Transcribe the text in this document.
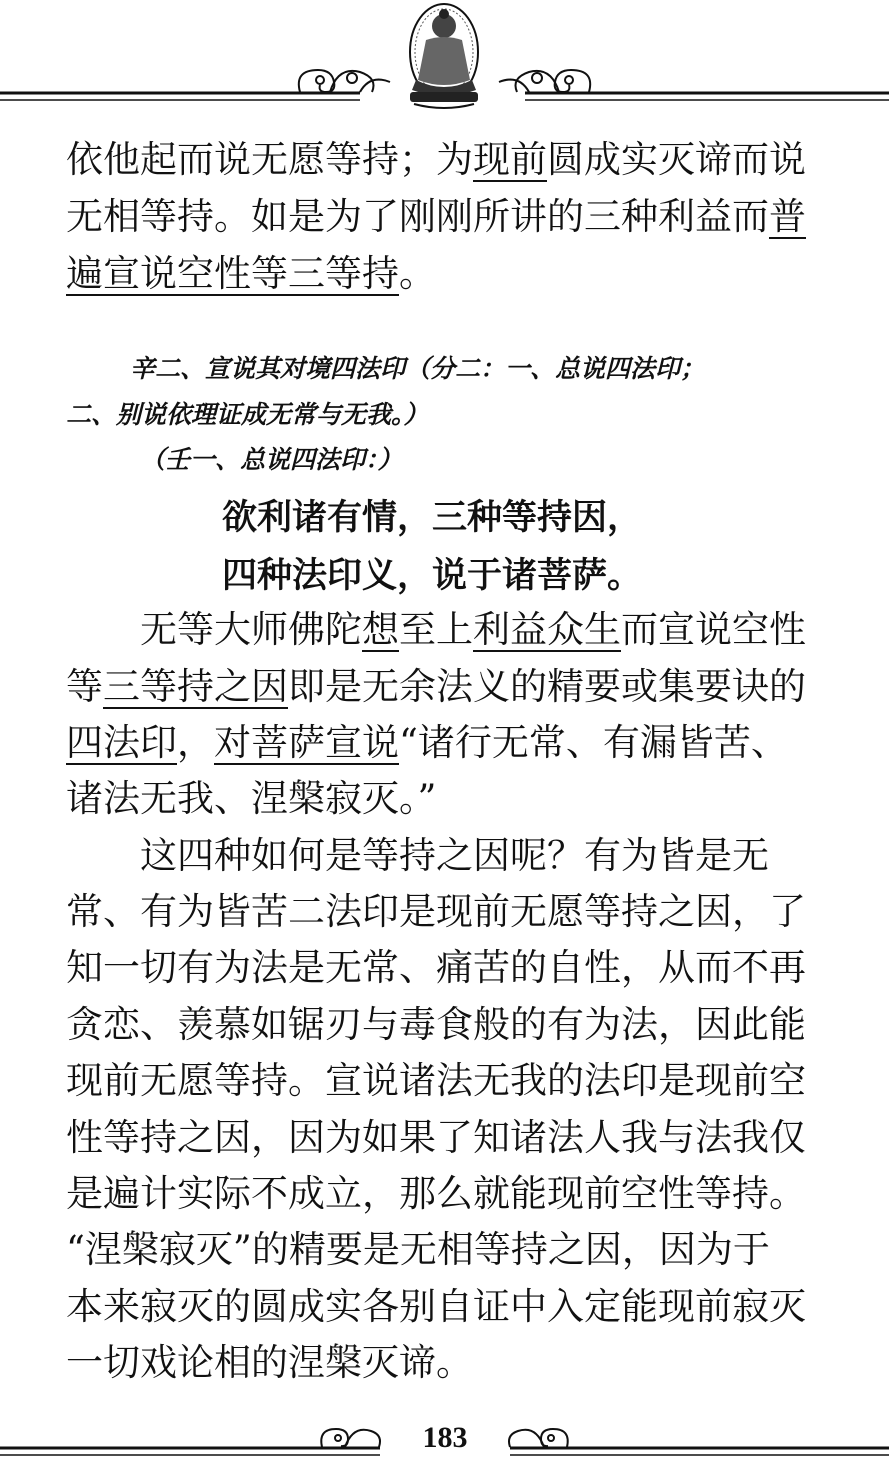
依他起而说无愿等持；为现前圆成实灭谛而说
无相等持。如是为了刚刚所讲的三种利益而普
遍宣说空性等三等持。
辛二、宣说其对境四法印（分二：一、总说四法印；
二、别说依理证成无常与无我。）
（壬一、总说四法印：）
欲利诸有情，三种等持因，
四种法印义，说于诸菩萨。
　　无等大师佛陀想至上利益众生而宣说空性
等三等持之因即是无余法义的精要或集要诀的
四法印，对菩萨宣说“诸行无常、有漏皆苦、
诸法无我、涅槃寂灭。”
　　这四种如何是等持之因呢？有为皆是无
常、有为皆苦二法印是现前无愿等持之因，了
知一切有为法是无常、痛苦的自性，从而不再
贪恋、羡慕如锯刃与毒食般的有为法，因此能
现前无愿等持。宣说诸法无我的法印是现前空
性等持之因，因为如果了知诸法人我与法我仅
是遍计实际不成立，那么就能现前空性等持。
“涅槃寂灭”的精要是无相等持之因，因为于
本来寂灭的圆成实各别自证中入定能现前寂灭
一切戏论相的涅槃灭谛。
183
